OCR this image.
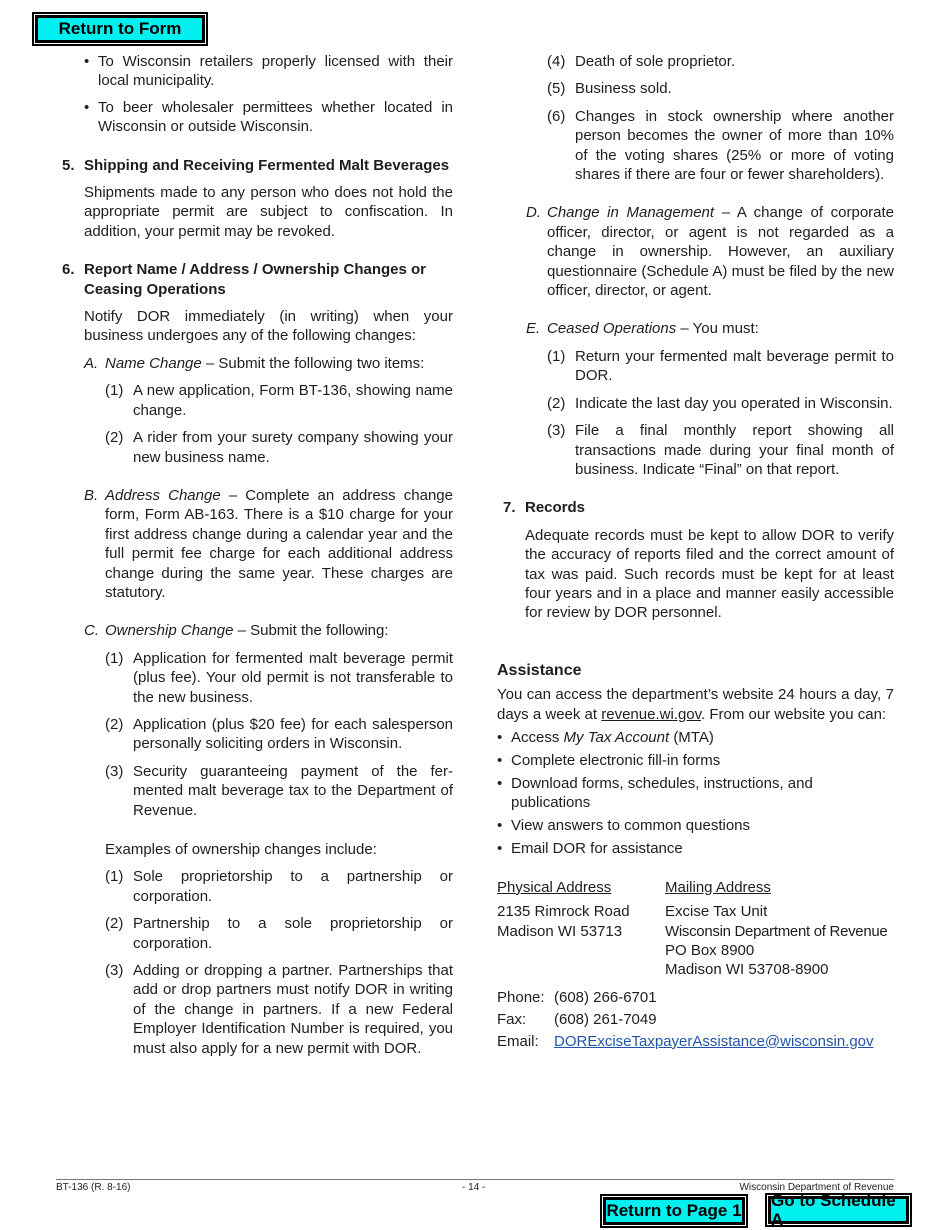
Return to Form
• To Wisconsin retailers properly licensed with their local municipality.
• To beer wholesaler permittees whether located in Wisconsin or outside Wisconsin.
5. Shipping and Receiving Fermented Malt Beverages

Shipments made to any person who does not hold the appropriate permit are subject to confiscation. In addition, your permit may be revoked.

6. Report Name / Address / Ownership Changes or Ceasing Operations

Notify DOR immediately (in writing) when your business undergoes any of the following changes:

A. Name Change – Submit the following two items:
(1) A new application, Form BT-136, showing name change.
(2) A rider from your surety company showing your new business name.
B. Address Change – Complete an address change form, Form AB-163. There is a $10 charge for your first address change during a calendar year and the full permit fee charge for each additional address change during the same year. These charges are statutory.
C. Ownership Change – Submit the following:
(1) Application for fermented malt beverage permit (plus fee). Your old permit is not transferable to the new business.
(2) Application (plus $20 fee) for each salesperson personally soliciting orders in Wisconsin.
(3) Security guaranteeing payment of the fermented malt beverage tax to the Department of Revenue.

Examples of ownership changes include:

(1) Sole proprietorship to a partnership or corporation.
(2) Partnership to a sole proprietorship or corporation.
(3) Adding or dropping a partner. Partnerships that add or drop partners must notify DOR in writing of the change in partners. If a new Federal Employer Identification Number is required, you must also apply for a new permit with DOR.
(4) Death of sole proprietor.
(5) Business sold.
(6) Changes in stock ownership where another person becomes the owner of more than 10% of the voting shares (25% or more of voting shares if there are four or fewer shareholders).
D. Change in Management – A change of corporate officer, director, or agent is not regarded as a change in ownership. However, an auxiliary questionnaire (Schedule A) must be filed by the new officer, director, or agent.
E. Ceased Operations – You must:
(1) Return your fermented malt beverage permit to DOR.
(2) Indicate the last day you operated in Wisconsin.
(3) File a final monthly report showing all transactions made during your final month of business. Indicate “Final” on that report.
7. Records

Adequate records must be kept to allow DOR to verify the accuracy of reports filed and the correct amount of tax was paid. Such records must be kept for at least four years and in a place and manner easily accessible for review by DOR personnel.

Assistance

You can access the department’s website 24 hours a day, 7 days a week at revenue.wi.gov. From our website you can:

• Access My Tax Account (MTA)
• Complete electronic fill-in forms
• Download forms, schedules, instructions, and publications
• View answers to common questions
• Email DOR for assistance
Physical Address
2135 Rimrock Road
Madison WI 53713
Mailing Address
Excise Tax Unit
Wisconsin Department of Revenue
PO Box 8900
Madison WI 53708-8900
Phone: (608) 266-6701
Fax: (608) 261-7049
Email: DORExciseTaxpayerAssistance@wisconsin.gov
BT-136 (R. 8-16)	- 14 -	Wisconsin Department of Revenue
Return to Page 1
Go to Schedule A
